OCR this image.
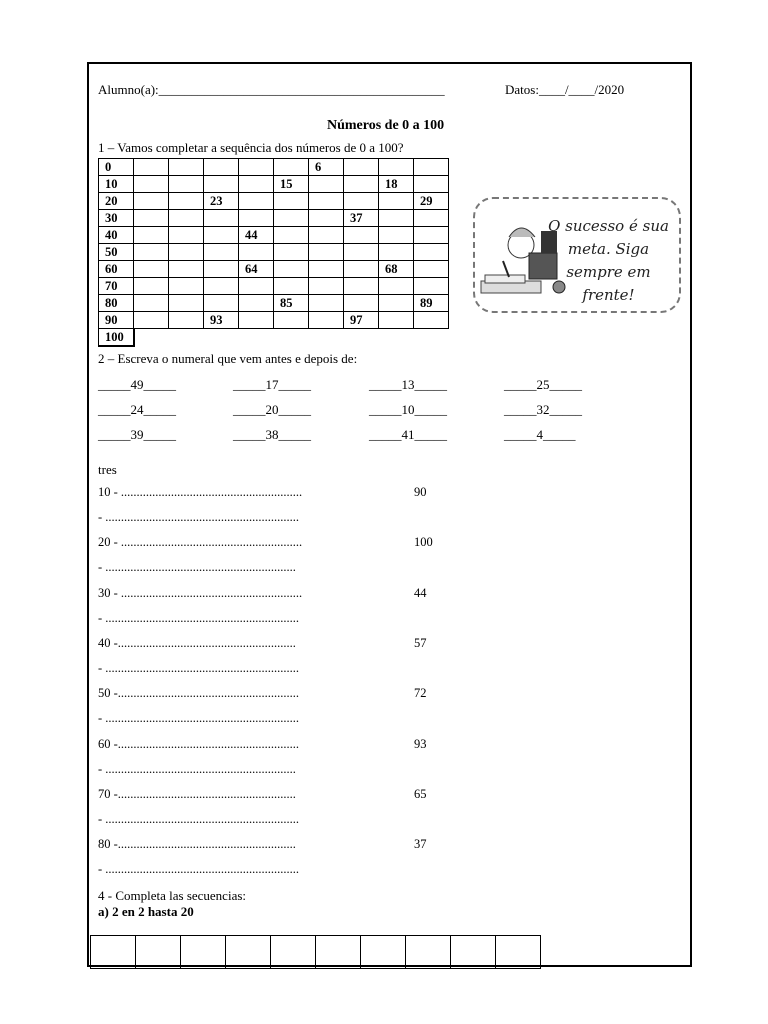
Alumno(a):____________________________________________	Datos:____/____/2020
Números de 0 a 100
1 – Vamos completar a sequência dos números de 0 a 100?
0						6			
10					15			18	
20			23						29
30							37		
40				44					
50									
60				64				68	
70									
80					85				89
90			93				97		
100									
O sucesso é sua meta. Siga sempre em frente!
2 – Escreva o numeral que vem antes e depois de:
_____49_____	_____17_____	_____13_____	_____25_____
_____24_____	_____20_____	_____10_____	_____32_____
_____39_____	_____38_____	_____41_____	_____4_____
tres
10 - ..........................................................	90
- ..............................................................
20 - ..........................................................	100
- .............................................................
30 - ..........................................................	44
- ..............................................................
40 -.........................................................	57
- ..............................................................
50 -..........................................................	72
- ..............................................................
60 -..........................................................	93
- .............................................................
70 -.........................................................	65
- ..............................................................
80 -.........................................................	37
- ..............................................................
4 - Completa las secuencias:
a) 2 en 2 hasta 20
